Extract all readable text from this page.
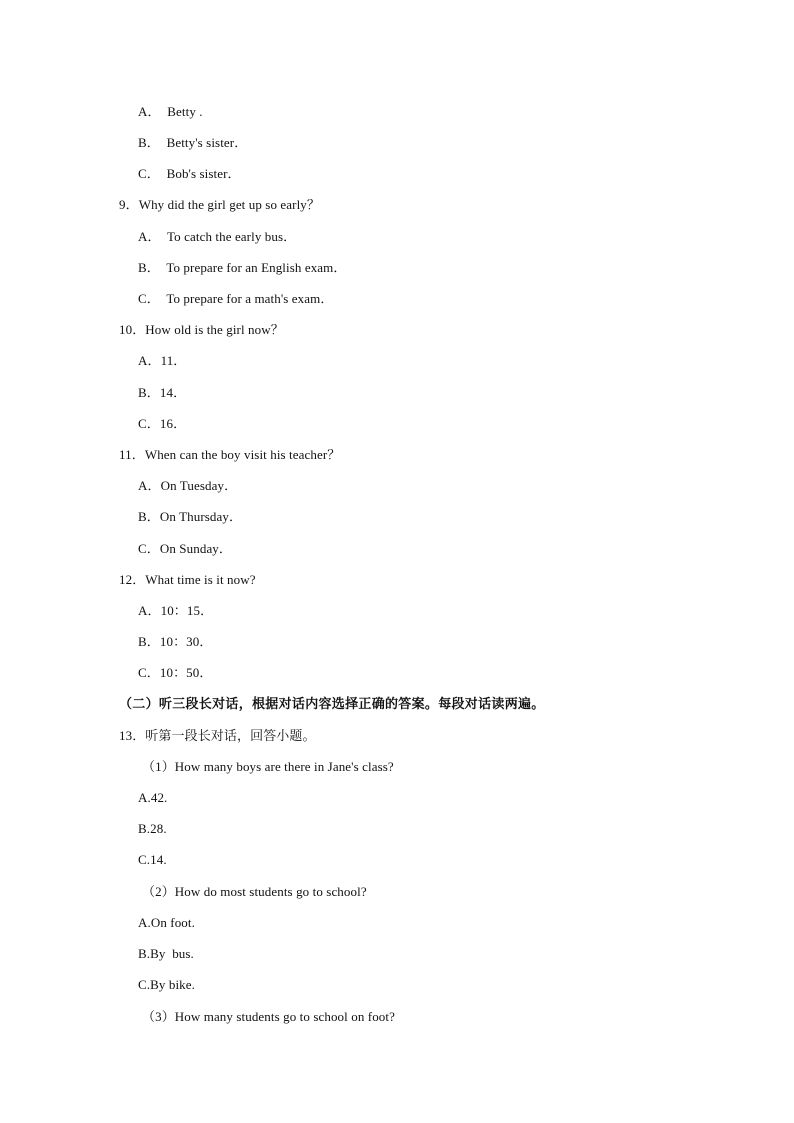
A．  Betty .
B．  Betty's sister．
C．  Bob's sister．
9．Why did the girl get up so early？
A．  To catch the early bus．
B．  To prepare for an English exam．
C．  To prepare for a math's exam．
10．How old is the girl now？
A．11．
B．14．
C．16．
11．When can the boy visit his teacher？
A．On Tuesday．
B．On Thursday．
C．On Sunday．
12．What time is it now?
A．10：15．
B．10：30．
C．10：50．
（二）听三段长对话，根据对话内容选择正确的答案。每段对话读两遍。
13．听第一段长对话，回答小题。
（1）How many boys are there in Jane's class?
A.42.
B.28.
C.14.
（2）How do most students go to school?
A.On foot.
B.By  bus.
C.By bike.
（3）How many students go to school on foot?
